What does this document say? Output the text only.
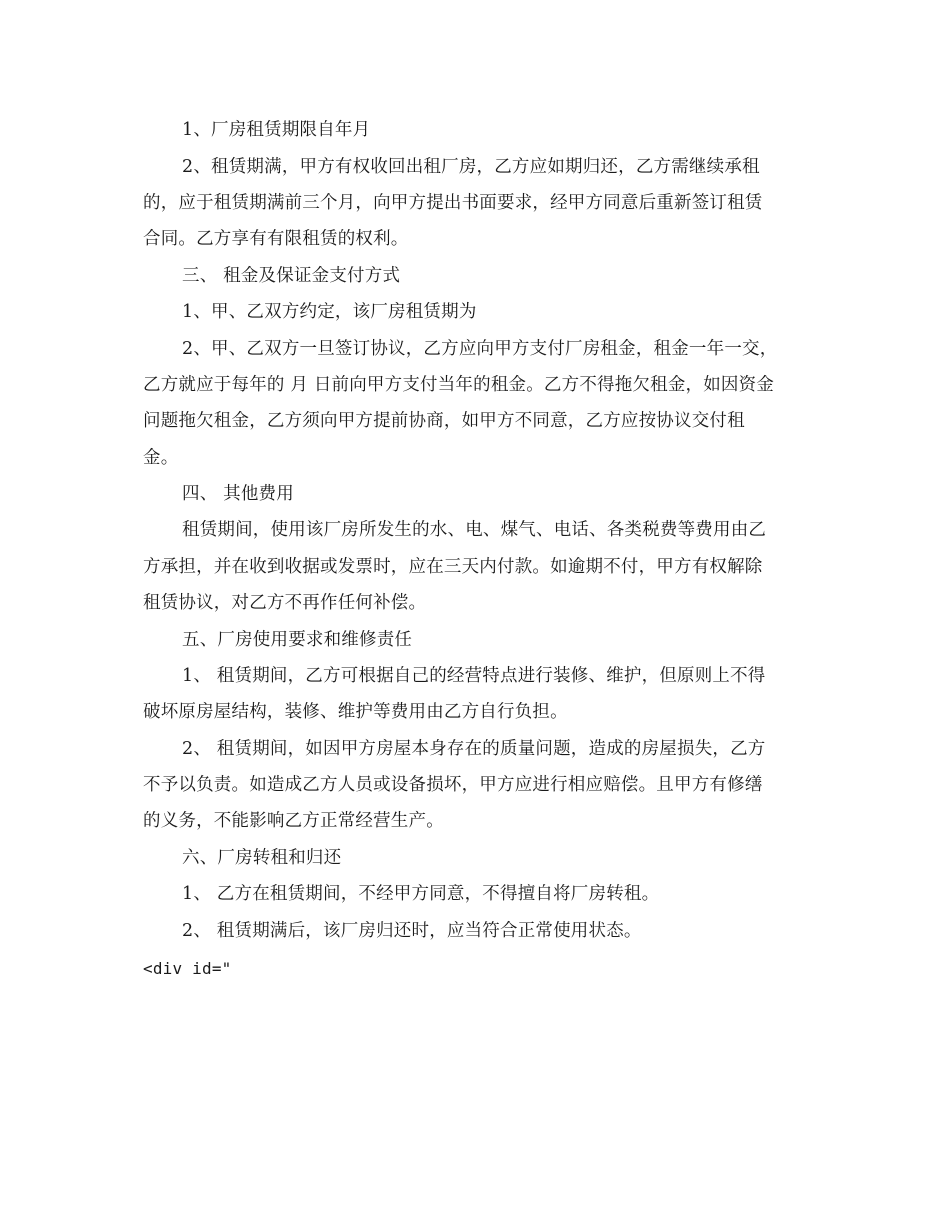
1、厂房租赁期限自年月
2、租赁期满，甲方有权收回出租厂房，乙方应如期归还，乙方需继续承租
的，应于租赁期满前三个月，向甲方提出书面要求，经甲方同意后重新签订租赁
合同。乙方享有有限租赁的权利。
三、 租金及保证金支付方式
1、甲、乙双方约定，该厂房租赁期为
2、甲、乙双方一旦签订协议，乙方应向甲方支付厂房租金，租金一年一交，
乙方就应于每年的 月 日前向甲方支付当年的租金。乙方不得拖欠租金，如因资金
问题拖欠租金，乙方须向甲方提前协商，如甲方不同意，乙方应按协议交付租
金。
四、 其他费用
租赁期间，使用该厂房所发生的水、电、煤气、电话、各类税费等费用由乙
方承担，并在收到收据或发票时，应在三天内付款。如逾期不付，甲方有权解除
租赁协议，对乙方不再作任何补偿。
五、厂房使用要求和维修责任
1、 租赁期间，乙方可根据自己的经营特点进行装修、维护，但原则上不得
破坏原房屋结构，装修、维护等费用由乙方自行负担。
2、 租赁期间，如因甲方房屋本身存在的质量问题，造成的房屋损失，乙方
不予以负责。如造成乙方人员或设备损坏，甲方应进行相应赔偿。且甲方有修缮
的义务，不能影响乙方正常经营生产。
六、厂房转租和归还
1、 乙方在租赁期间，不经甲方同意，不得擅自将厂房转租。
2、 租赁期满后，该厂房归还时，应当符合正常使用状态。
<div id="
